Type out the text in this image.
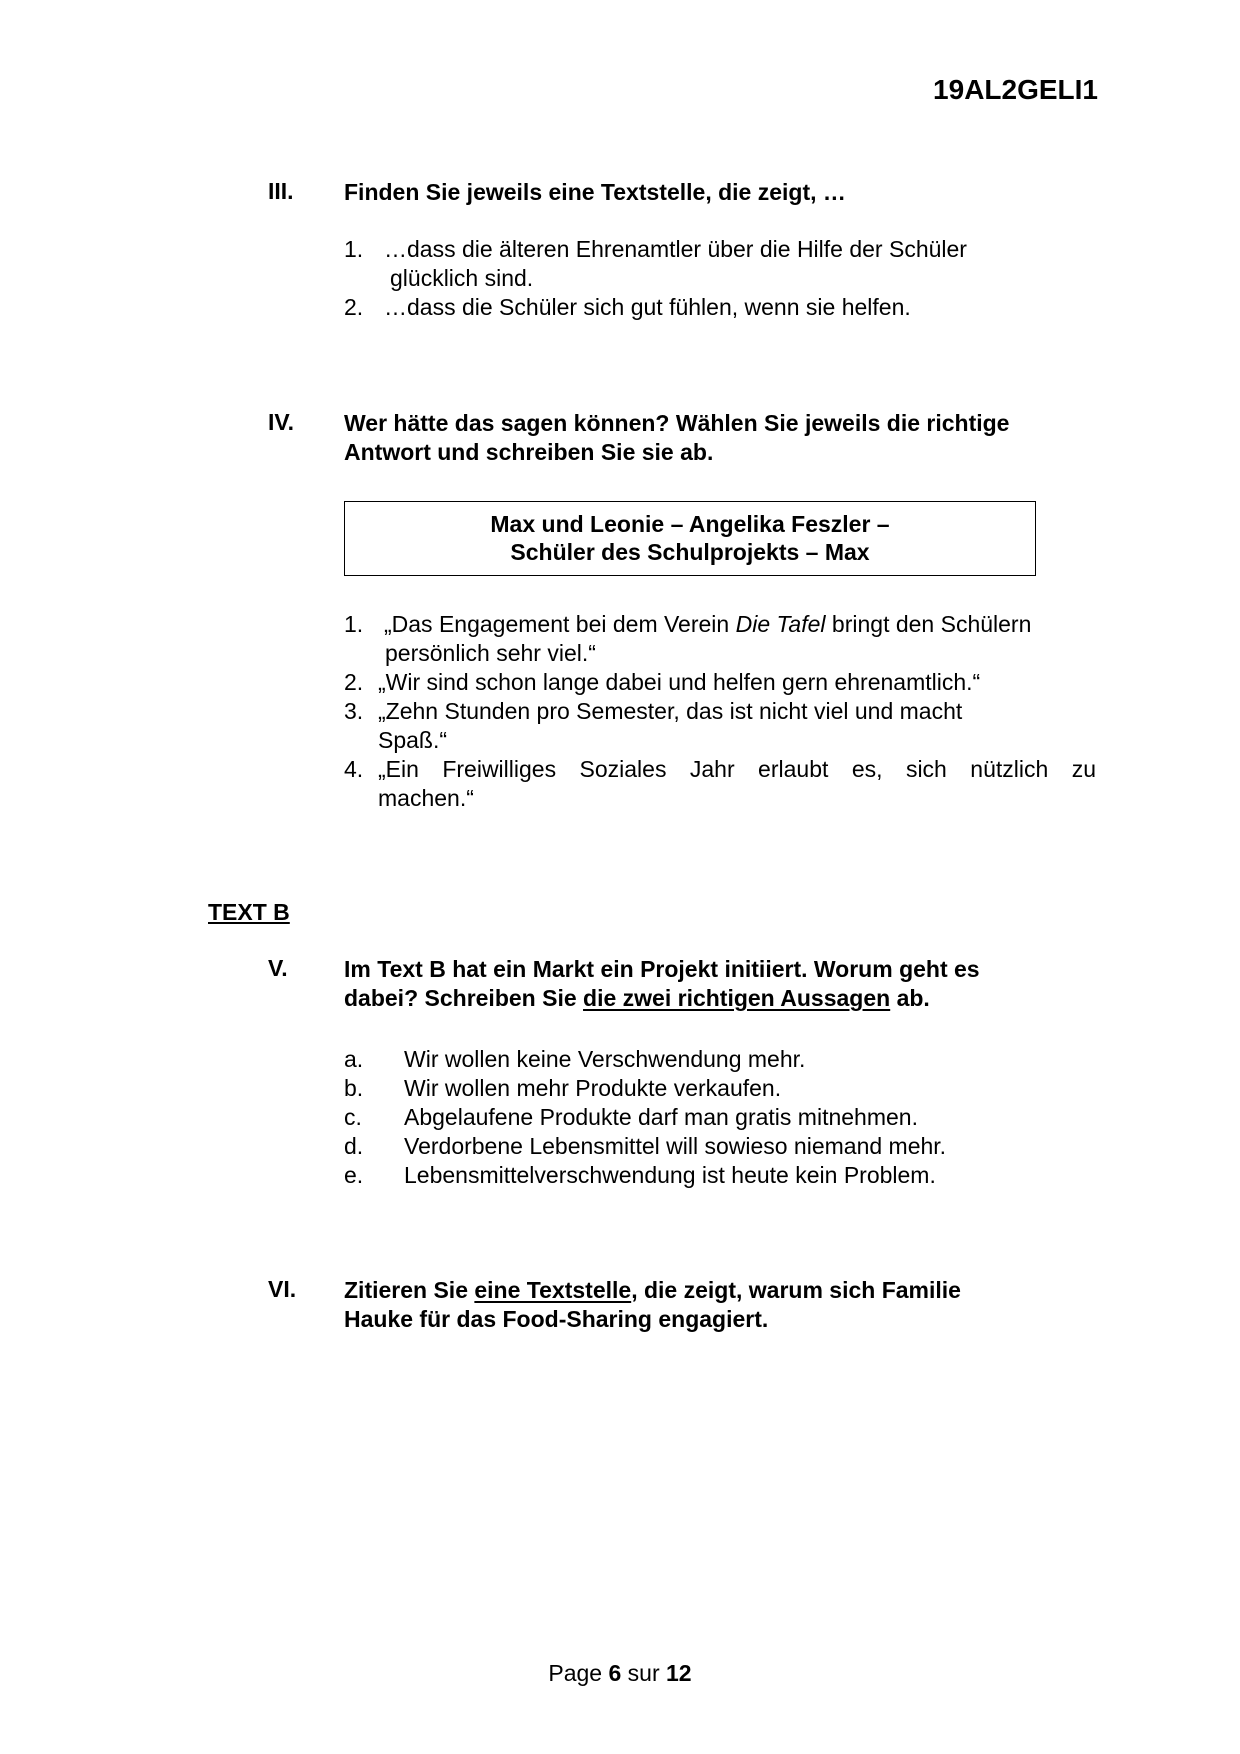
19AL2GELI1
III. Finden Sie jeweils eine Textstelle, die zeigt, …
1. …dass die älteren Ehrenamtler über die Hilfe der Schüler
glücklich sind.
2. …dass die Schüler sich gut fühlen, wenn sie helfen.
IV. Wer hätte das sagen können? Wählen Sie jeweils die richtige
Antwort und schreiben Sie sie ab.
Max und Leonie – Angelika Feszler –
Schüler des Schulprojekts – Max
1. „Das Engagement bei dem Verein Die Tafel bringt den Schülern
persönlich sehr viel.“
2. „Wir sind schon lange dabei und helfen gern ehrenamtlich.“
3. „Zehn Stunden pro Semester, das ist nicht viel und macht
Spaß.“
4. „Ein Freiwilliges Soziales Jahr erlaubt es, sich nützlich zu
machen.“
TEXT B
V. Im Text B hat ein Markt ein Projekt initiiert. Worum geht es
dabei? Schreiben Sie die zwei richtigen Aussagen ab.
a.	Wir wollen keine Verschwendung mehr.
b.	Wir wollen mehr Produkte verkaufen.
c.	Abgelaufene Produkte darf man gratis mitnehmen.
d.	Verdorbene Lebensmittel will sowieso niemand mehr.
e.	Lebensmittelverschwendung ist heute kein Problem.
VI. Zitieren Sie eine Textstelle, die zeigt, warum sich Familie
Hauke für das Food-Sharing engagiert.
Page 6 sur 12
